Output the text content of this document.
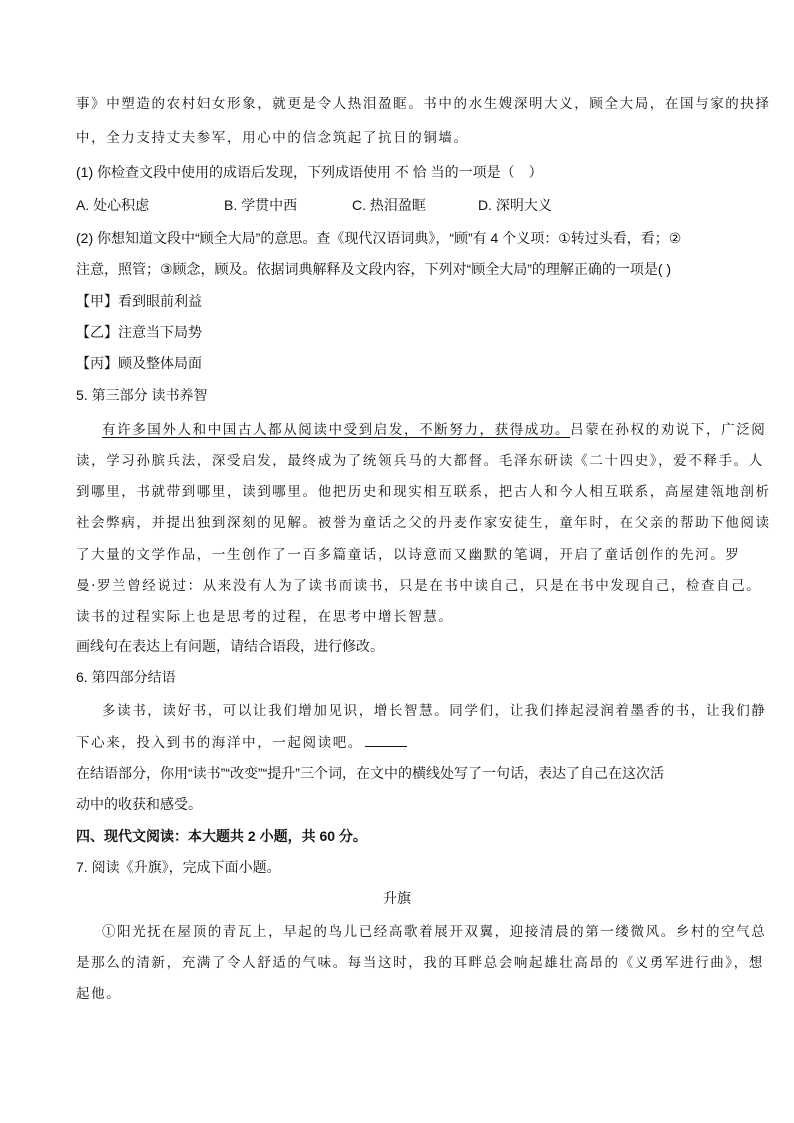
事》中塑造的农村妇女形象，就更是令人热泪盈眶。书中的水生嫂深明大义，顾全大局，在国与家的抉择
中，全力支持丈夫参军，用心中的信念筑起了抗日的铜墙。
(1) 你检查文段中使用的成语后发现，下列成语使用 不 恰 当的一项是（　）
A. 处心积虑	B. 学贯中西	C. 热泪盈眶	D. 深明大义
(2) 你想知道文段中“顾全大局”的意思。查《现代汉语词典》，“顾”有 4 个义项：①转过头看，看；②
注意，照管；③顾念，顾及。依据词典解释及文段内容，下列对“顾全大局”的理解正确的一项是( )
【甲】看到眼前利益
【乙】注意当下局势
【丙】顾及整体局面
5. 第三部分 读书养智
有许多国外人和中国古人都从阅读中受到启发，不断努力，获得成功。吕蒙在孙权的劝说下，广泛阅
读，学习孙膑兵法，深受启发，最终成为了统领兵马的大都督。毛泽东研读《二十四史》，爱不释手。人
到哪里，书就带到哪里，读到哪里。他把历史和现实相互联系，把古人和今人相互联系，高屋建瓴地剖析
社会弊病，并提出独到深刻的见解。被誉为童话之父的丹麦作家安徒生，童年时，在父亲的帮助下他阅读
了大量的文学作品，一生创作了一百多篇童话，以诗意而又幽默的笔调，开启了童话创作的先河。罗
曼·罗兰曾经说过：从来没有人为了读书而读书，只是在书中读自己，只是在书中发现自己，检查自己。
读书的过程实际上也是思考的过程，在思考中增长智慧。
画线句在表达上有问题，请结合语段，进行修改。
6. 第四部分结语
多读书，读好书，可以让我们增加见识，增长智慧。同学们，让我们捧起浸润着墨香的书，让我们静
下心来，投入到书的海洋中，一起阅读吧。
在结语部分，你用“读书”“改变”“提升”三个词，在文中的横线处写了一句话，表达了自己在这次活
动中的收获和感受。
四、现代文阅读：本大题共 2 小题，共 60 分。
7. 阅读《升旗》，完成下面小题。
升旗
①阳光抚在屋顶的青瓦上，早起的鸟儿已经高歌着展开双翼，迎接清晨的第一缕微风。乡村的空气总
是那么的清新，充满了令人舒适的气味。每当这时，我的耳畔总会响起雄壮高昂的《义勇军进行曲》，想
起他。
